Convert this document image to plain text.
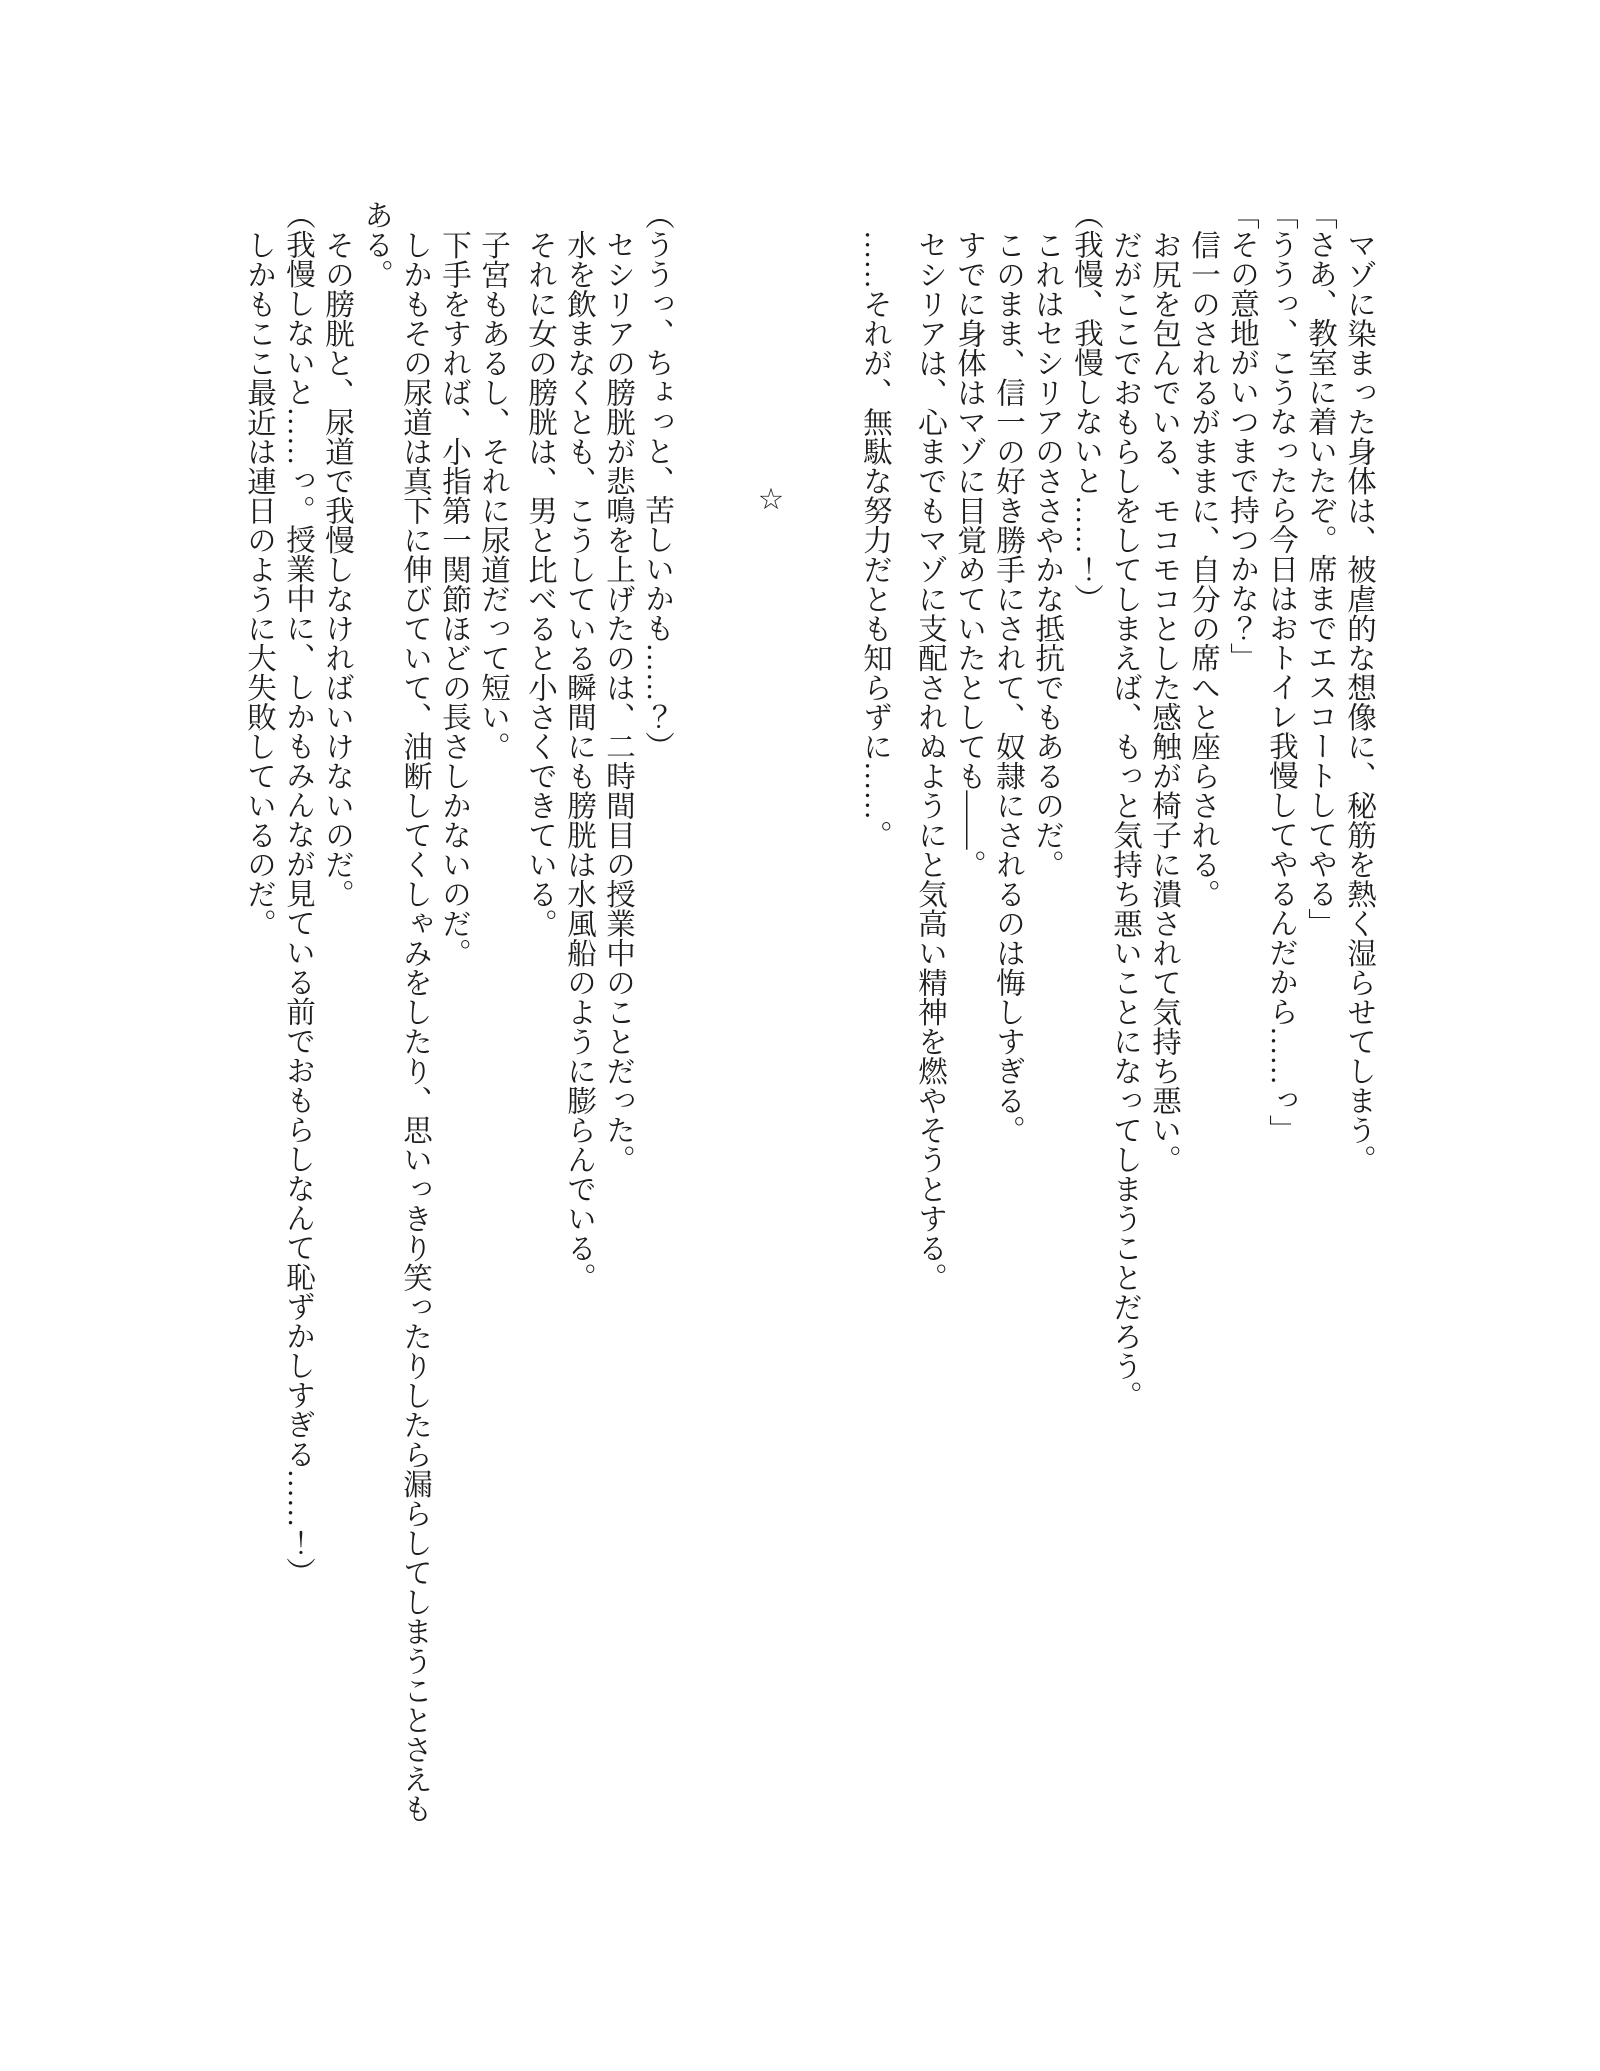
マゾに染まった身体は、被虐的な想像に、秘筋を熱く湿らせてしまう。

「さあ、教室に着いたぞ。席までエスコートしてやる」

「ううっ、こうなったら今日はおトイレ我慢してやるんだから……っ」

「その意地がいつまで持つかな？」

信一のされるがままに、自分の席へと座らされる。

お尻を包んでいる、モコモコとした感触が椅子に潰されて気持ち悪い。

だがここでおもらしをしてしまえば、もっと気持ち悪いことになってしまうことだろう。

（我慢、我慢しないと……！）

これはセシリアのささやかな抵抗でもあるのだ。

このまま、信一の好き勝手にされて、奴隷にされるのは悔しすぎる。

すでに身体はマゾに目覚めていたとしても――。

セシリアは、心までもマゾに支配されぬようにと気高い精神を燃やそうとする。

……それが、無駄な努力だとも知らずに……。

☆

（ううっ、ちょっと、苦しいかも……？）

セシリアの膀胱が悲鳴を上げたのは、二時間目の授業中のことだった。

水を飲まなくとも、こうしている瞬間にも膀胱は水風船のように膨らんでいる。

それに女の膀胱は、男と比べると小さくできている。

子宮もあるし、それに尿道だって短い。

下手をすれば、小指第一関節ほどの長さしかないのだ。

しかもその尿道は真下に伸びていて、油断してくしゃみをしたり、思いっきり笑ったりしたら漏らしてしまうことさえもある。

その膀胱と、尿道で我慢しなければいけないのだ。

（我慢しないと……っ。授業中に、しかもみんなが見ている前でおもらしなんて恥ずかしすぎる……！）

しかもここ最近は連日のように大失敗しているのだ。
